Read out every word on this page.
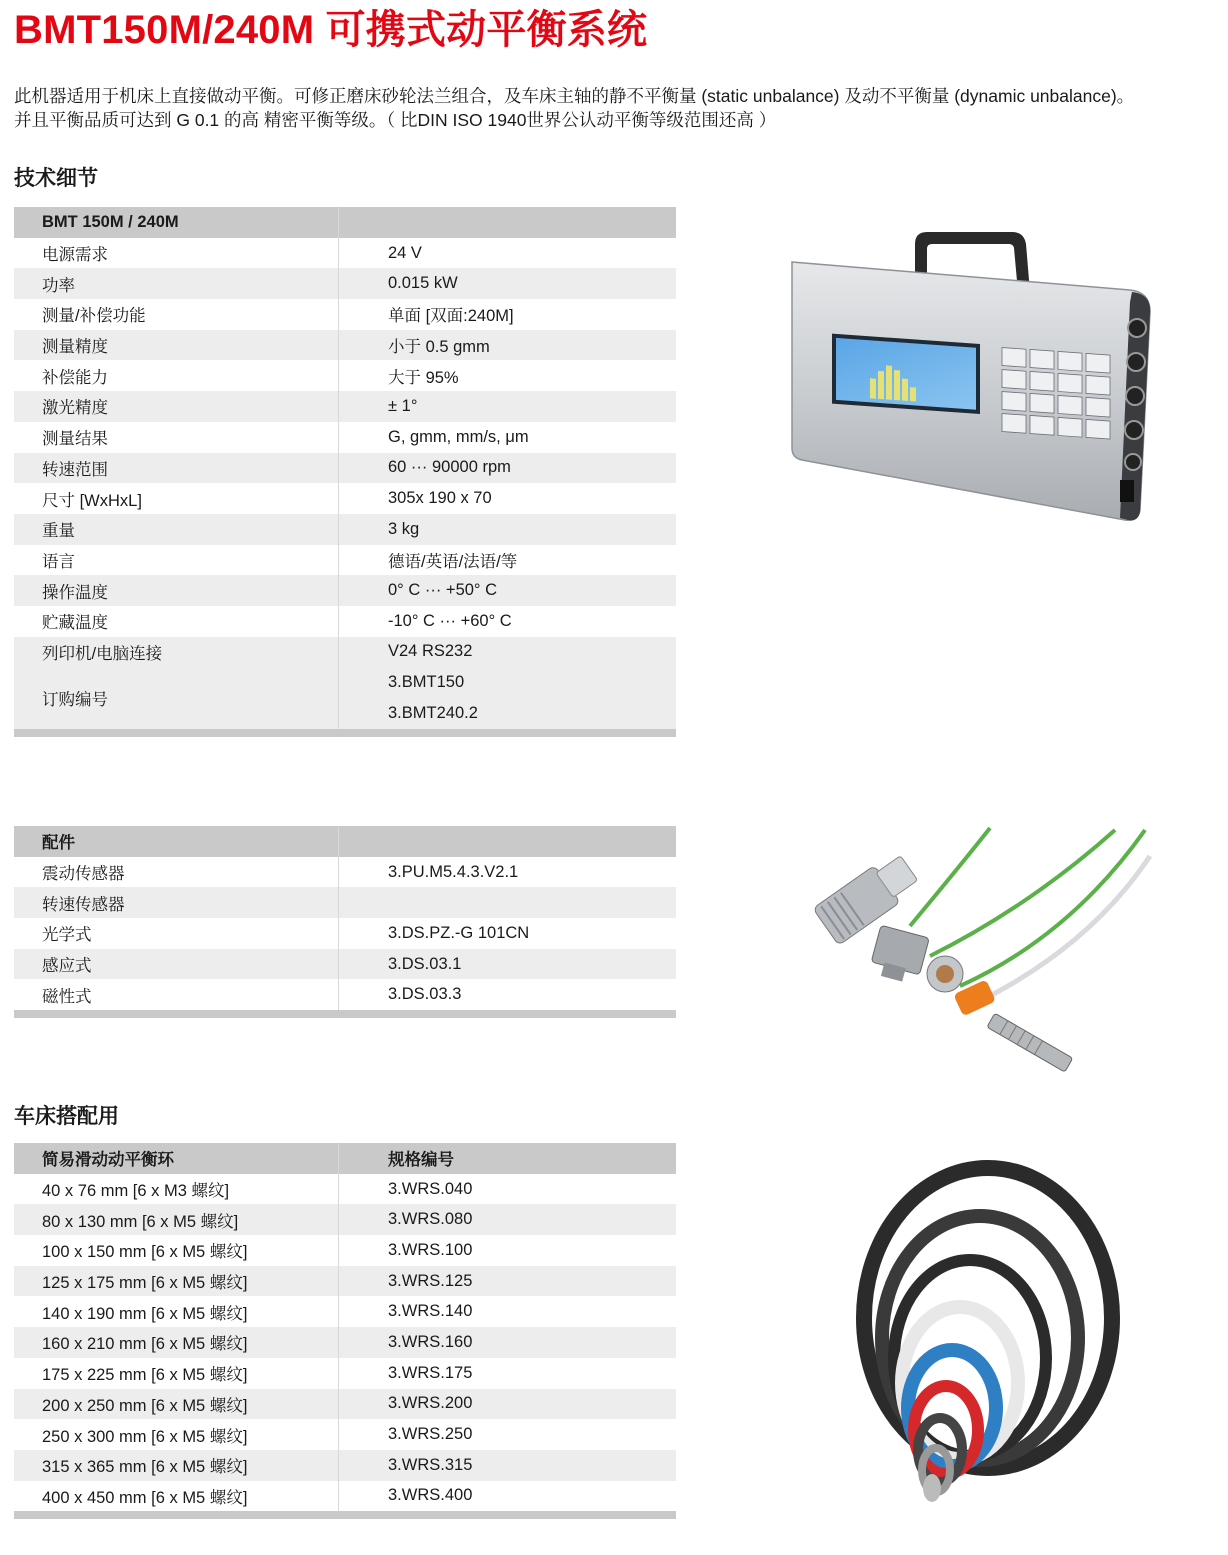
BMT150M/240M 可携式动平衡系统

此机器适用于机床上直接做动平衡。可修正磨床砂轮法兰组合，及车床主轴的静不平衡量 (static unbalance) 及动不平衡量 (dynamic unbalance)。

并且平衡品质可达到 G 0.1 的高 精密平衡等级。（ 比DIN ISO 1940世界公认动平衡等级范围还高 ）

技术细节
BMT 150M / 240M	
电源需求	24 V
功率	0.015 kW
测量/补偿功能	单面 [双面:240M]
测量精度	小于 0.5 gmm
补偿能力	大于 95%
激光精度	± 1°
测量结果	G, gmm, mm/s, μm
转速范围	60 ··· 90000 rpm
尺寸 [WxHxL]	305x 190 x 70
重量	3 kg
语言	德语/英语/法语/等
操作温度	0° C ··· +50° C
贮藏温度	-10° C ··· +60° C
列印机/电脑连接	V24 RS232
订购编号	3.BMT150
3.BMT240.2

配件	
震动传感器	3.PU.M5.4.3.V2.1
转速传感器	
光学式	3.DS.PZ.-G 101CN
感应式	3.DS.03.1
磁性式	3.DS.03.3

车床搭配用
简易滑动动平衡环	规格编号
40 x 76 mm [6 x M3 螺纹]	3.WRS.040
80 x 130 mm [6 x M5 螺纹]	3.WRS.080
100 x 150 mm [6 x M5 螺纹]	3.WRS.100
125 x 175 mm [6 x M5 螺纹]	3.WRS.125
140 x 190 mm [6 x M5 螺纹]	3.WRS.140
160 x 210 mm [6 x M5 螺纹]	3.WRS.160
175 x 225 mm [6 x M5 螺纹]	3.WRS.175
200 x 250 mm [6 x M5 螺纹]	3.WRS.200
250 x 300 mm [6 x M5 螺纹]	3.WRS.250
315 x 365 mm [6 x M5 螺纹]	3.WRS.315
400 x 450 mm [6 x M5 螺纹]	3.WRS.400
